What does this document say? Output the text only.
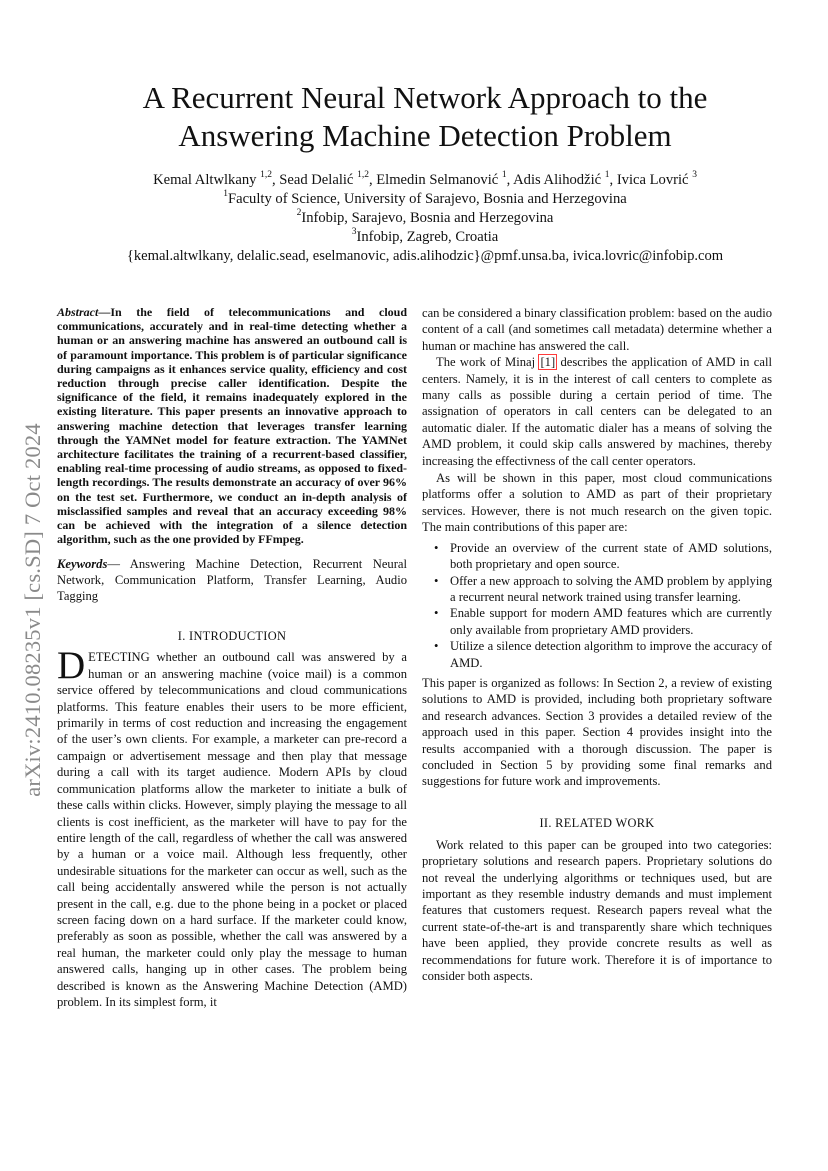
arXiv:2410.08235v1 [cs.SD] 7 Oct 2024
A Recurrent Neural Network Approach to the
Answering Machine Detection Problem
Kemal Altwlkany $^{1,2}$, Sead Delalić $^{1,2}$, Elmedin Selmanović $^1$, Adis Alihodžić $^1$, Ivica Lovrić $^3$
$^1$Faculty of Science, University of Sarajevo, Bosnia and Herzegovina
$^2$Infobip, Sarajevo, Bosnia and Herzegovina
$^3$Infobip, Zagreb, Croatia
{kemal.altwlkany, delalic.sead, eselmanovic, adis.alihodzic}@pmf.unsa.ba, ivica.lovric@infobip.com

Abstract—In the field of telecommunications and cloud communications, accurately and in real-time detecting whether a human or an answering machine has answered an outbound call is of paramount importance. This problem is of particular significance during campaigns as it enhances service quality, efficiency and cost reduction through precise caller identification. Despite the significance of the field, it remains inadequately explored in the existing literature. This paper presents an innovative approach to answering machine detection that leverages transfer learning through the YAMNet model for feature extraction. The YAMNet architecture facilitates the training of a recurrent-based classifier, enabling real-time processing of audio streams, as opposed to fixed-length recordings. The results demonstrate an accuracy of over 96% on the test set. Furthermore, we conduct an in-depth analysis of misclassified samples and reveal that an accuracy exceeding 98% can be achieved with the integration of a silence detection algorithm, such as the one provided by FFmpeg.

Keywords— Answering Machine Detection, Recurrent Neural Network, Communication Platform, Transfer Learning, Audio Tagging

I. INTRODUCTION

DETECTING whether an outbound call was answered by a human or an answering machine (voice mail) is a common service offered by telecommunications and cloud communications platforms. This feature enables their users to be more efficient, primarily in terms of cost reduction and increasing the engagement of the user’s own clients. For example, a marketer can pre-record a campaign or advertisement message and then play that message during a call with its target audience. Modern APIs by cloud communication platforms allow the marketer to initiate a bulk of these calls within clicks. However, simply playing the message to all clients is cost inefficient, as the marketer will have to pay for the entire length of the call, regardless of whether the call was answered by a human or a voice mail. Although less frequently, other undesirable situations for the marketer can occur as well, such as the call being accidentally answered while the person is not actually present in the call, e.g. due to the phone being in a pocket or placed screen facing down on a hard surface. If the marketer could know, preferably as soon as possible, whether the call was answered by a real human, the marketer could only play the message to human answered calls, hanging up in other cases. The problem being described is known as the Answering Machine Detection (AMD) problem. In its simplest form, it

can be considered a binary classification problem: based on the audio content of a call (and sometimes call metadata) determine whether a human or machine has answered the call.

The work of Minaj [1] describes the application of AMD in call centers. Namely, it is in the interest of call centers to complete as many calls as possible during a certain period of time. The assignation of operators in call centers can be delegated to an automatic dialer. If the automatic dialer has a means of solving the AMD problem, it could skip calls answered by machines, thereby increasing the effectivness of the call center operators.

As will be shown in this paper, most cloud communications platforms offer a solution to AMD as part of their proprietary services. However, there is not much research on the given topic. The main contributions of this paper are:

• Provide an overview of the current state of AMD solutions, both proprietary and open source.
• Offer a new approach to solving the AMD problem by applying a recurrent neural network trained using transfer learning.
• Enable support for modern AMD features which are currently only available from proprietary AMD providers.
• Utilize a silence detection algorithm to improve the accuracy of AMD.

This paper is organized as follows: In Section 2, a review of existing solutions to AMD is provided, including both proprietary software and research advances. Section 3 provides a detailed review of the approach used in this paper. Section 4 provides insight into the results accompanied with a thorough discussion. The paper is concluded in Section 5 by providing some final remarks and suggestions for future work and improvements.

II. RELATED WORK

Work related to this paper can be grouped into two categories: proprietary solutions and research papers. Proprietary solutions do not reveal the underlying algorithms or techniques used, but are important as they resemble industry demands and must implement features that customers request. Research papers reveal what the current state-of-the-art is and transparently share which techniques have been applied, they provide concrete results as well as recommendations for future work. Therefore it is of importance to consider both aspects.
